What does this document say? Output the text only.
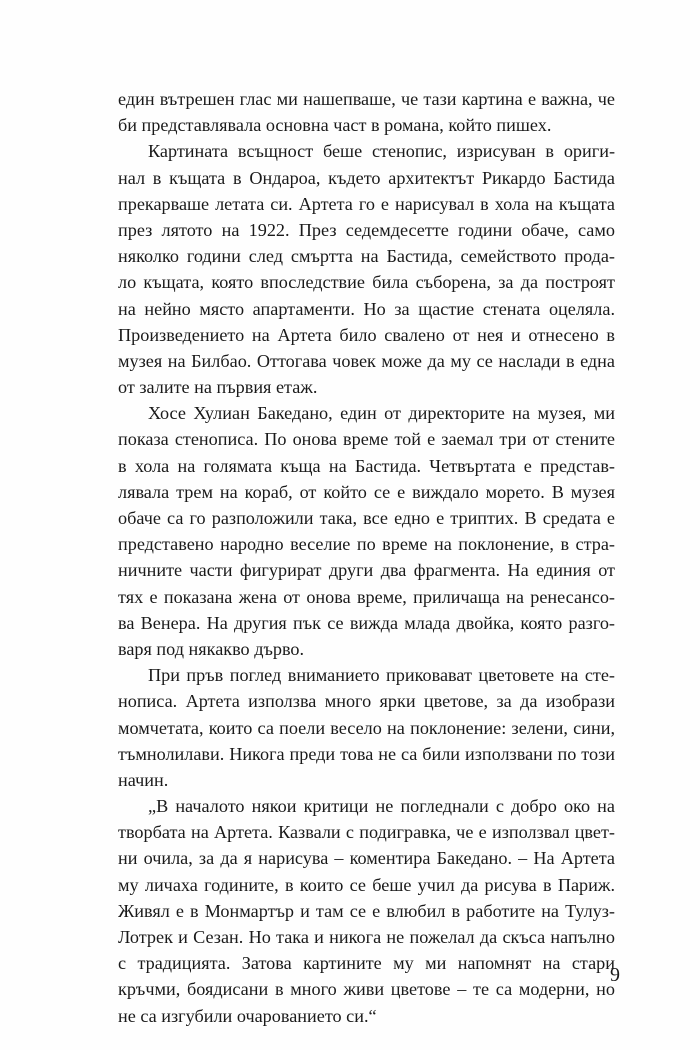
един вътрешен глас ми нашепваше, че тази картина е важна, че
би представлявала основна част в романа, който пишех.
Картината всъщност беше стенопис, изрисуван в ориги-
нал в къщата в Ондароа, където архитектът Рикардо Бастида
прекарваше летата си. Артета го е нарисувал в хола на къщата
през лятото на 1922. През седемдесетте години обаче, само
няколко години след смъртта на Бастида, семейството прода-
ло къщата, която впоследствие била съборена, за да построят
на нейно място апартаменти. Но за щастие стената оцеляла.
Произведението на Артета било свалено от нея и отнесено в
музея на Билбао. Оттогава човек може да му се наслади в една
от залите на първия етаж.
Хосе Хулиан Бакедано, един от директорите на музея, ми
показа стенописа. По онова време той е заемал три от стените
в хола на голямата къща на Бастида. Четвъртата е представ-
лявала трем на кораб, от който се е виждало морето. В музея
обаче са го разположили така, все едно е триптих. В средата е
представено народно веселие по време на поклонение, в стра-
ничните части фигурират други два фрагмента. На единия от
тях е показана жена от онова време, приличаща на ренесансо-
ва Венера. На другия пък се вижда млада двойка, която разго-
варя под някакво дърво.
При пръв поглед вниманието приковават цветовете на сте-
нописа. Артета използва много ярки цветове, за да изобрази
момчетата, които са поели весело на поклонение: зелени, сини,
тъмнолилави. Никога преди това не са били използвани по този
начин.
„В началото някои критици не погледнали с добро око на
творбата на Артета. Казвали с подигравка, че е използвал цвет-
ни очила, за да я нарисува – коментира Бакедано. – На Артета
му личаха годините, в които се беше учил да рисува в Париж.
Живял е в Монмартър и там се е влюбил в работите на Тулуз-
Лотрек и Сезан. Но така и никога не пожелал да скъса напълно
с традицията. Затова картините му ми напомнят на стари
кръчми, боядисани в много живи цветове – те са модерни, но
не са изгубили очарованието си.“
9
